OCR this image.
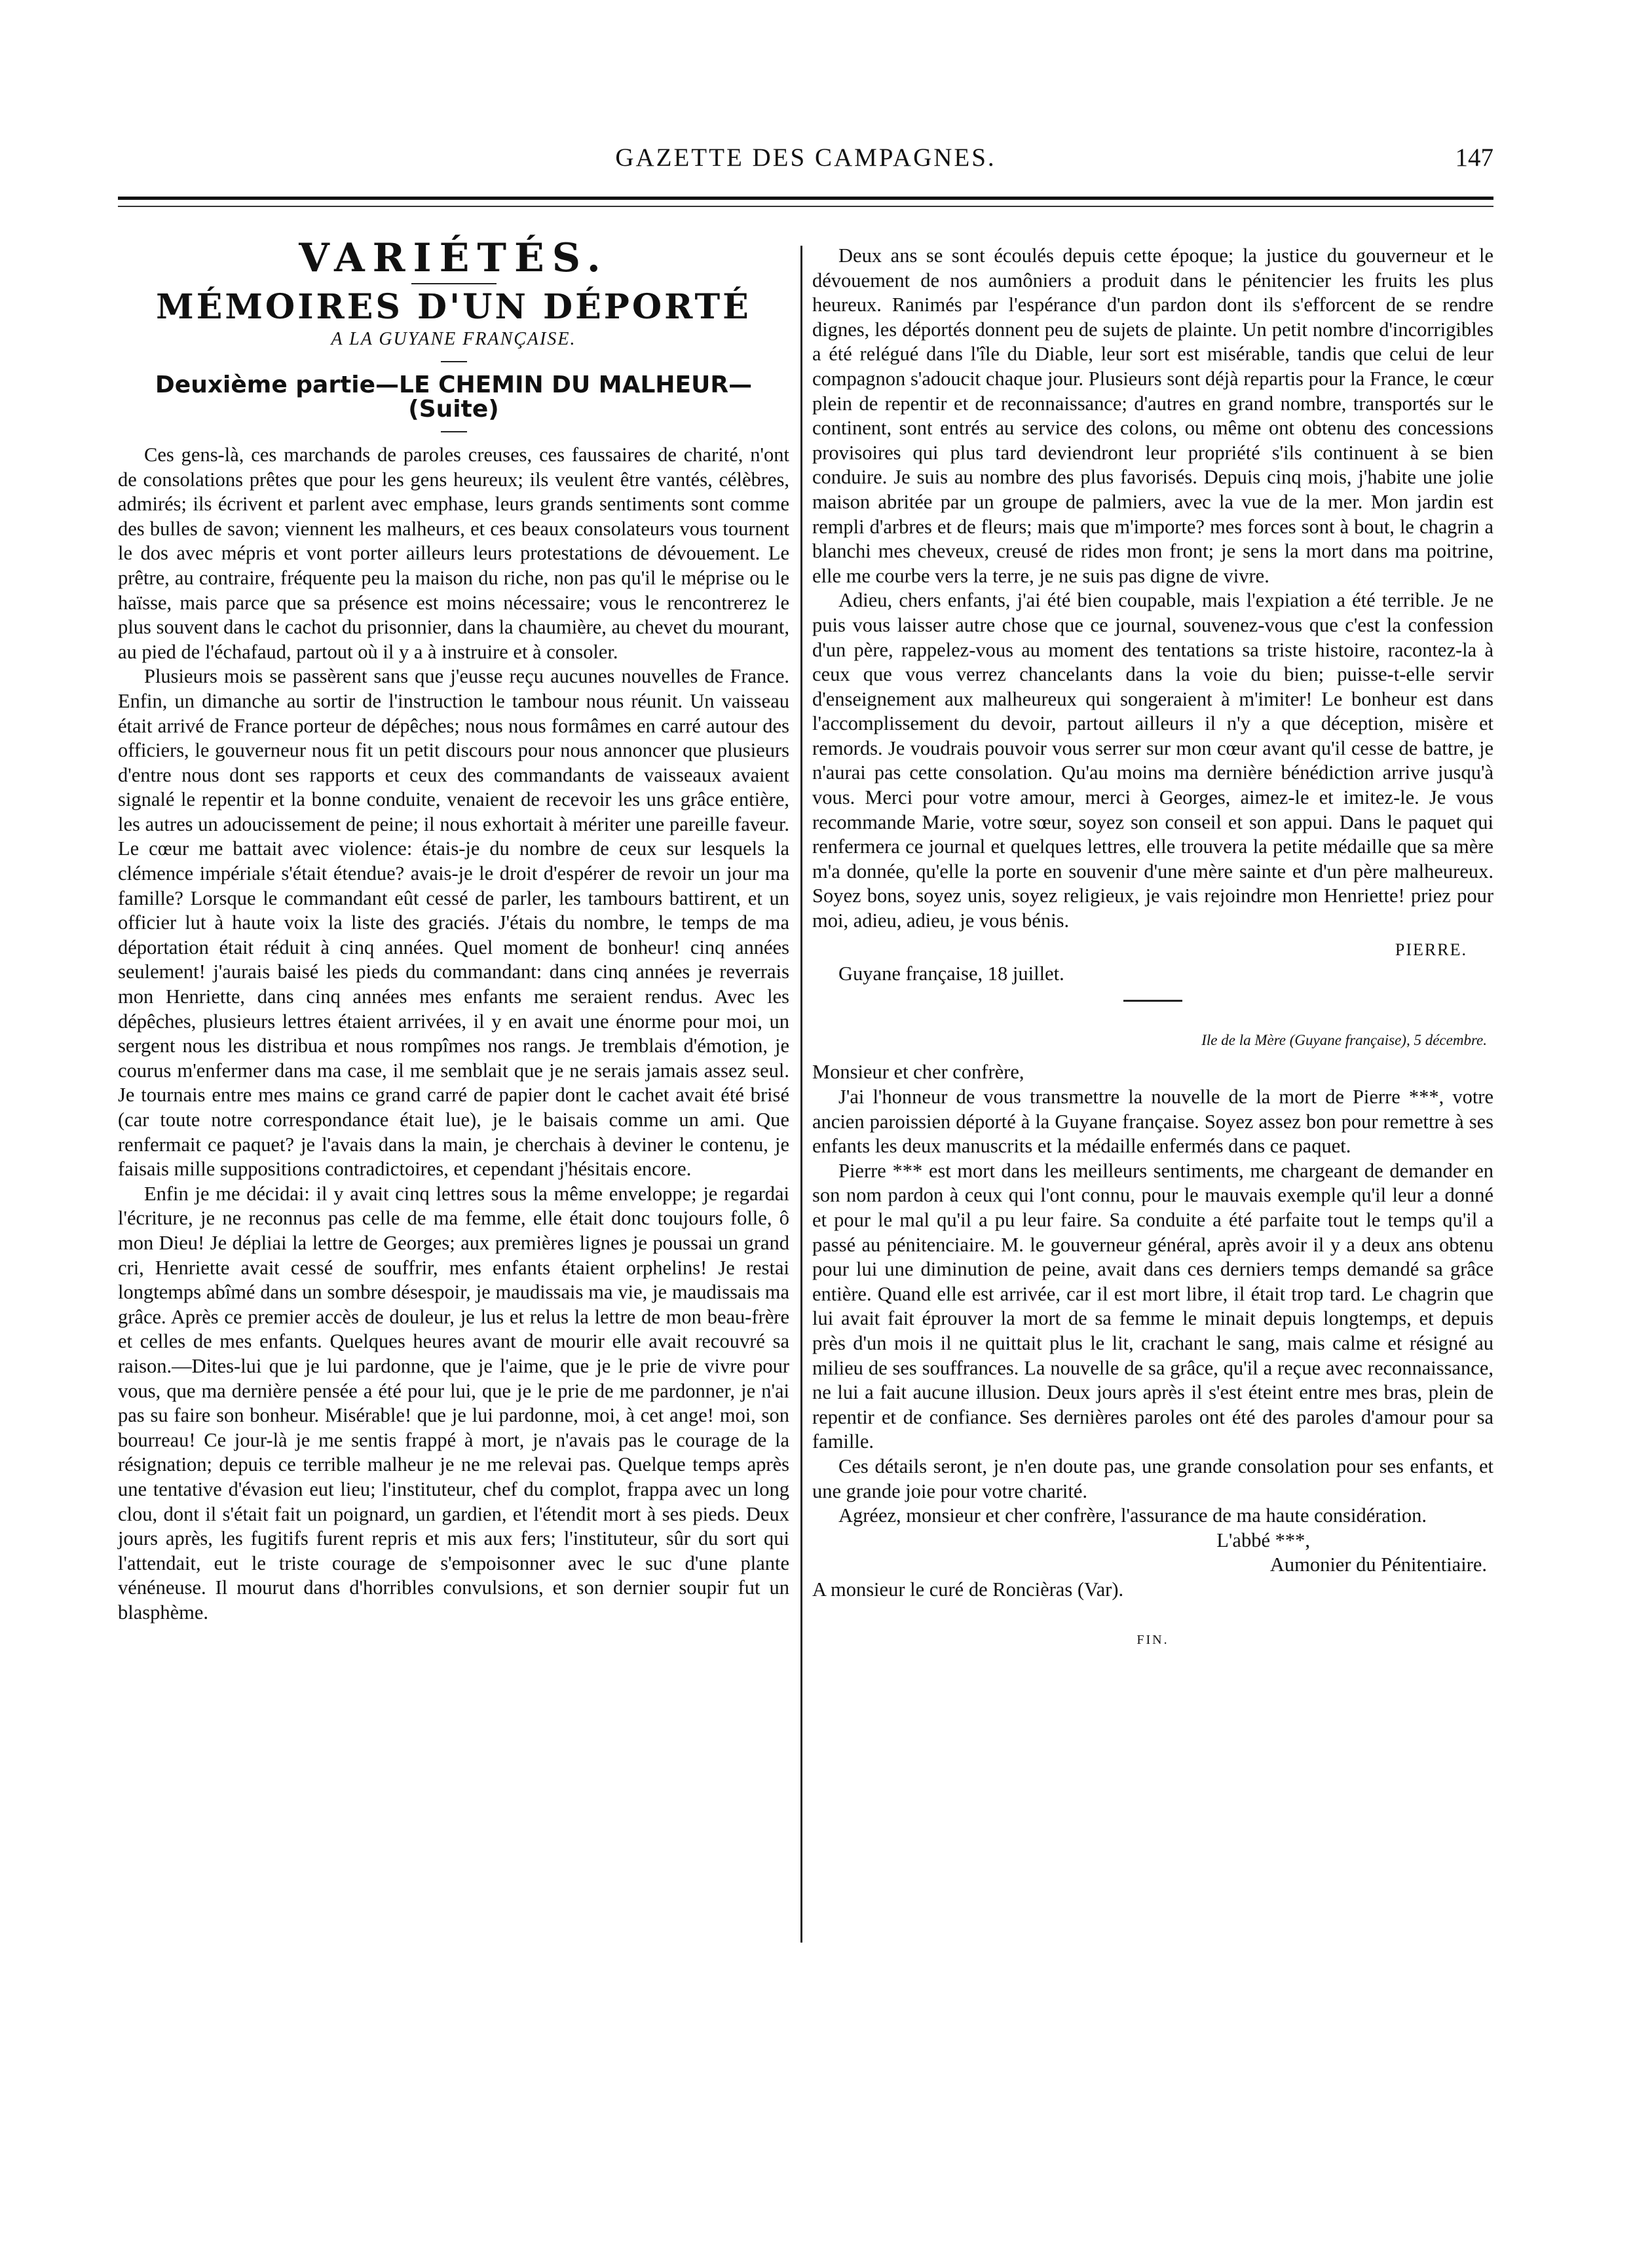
GAZETTE DES CAMPAGNES.	147
VARIÉTÉS.
MÉMOIRES D'UN DÉPORTÉ
A LA GUYANE FRANÇAISE.
Deuxième partie—LE CHEMIN DU MALHEUR—(Suite)

Ces gens-là, ces marchands de paroles creuses, ces faussaires de charité, n'ont de consolations prêtes que pour les gens heureux; ils veulent être vantés, célèbres, admirés; ils écrivent et parlent avec emphase, leurs grands sentiments sont comme des bulles de savon; viennent les malheurs, et ces beaux consolateurs vous tournent le dos avec mépris et vont porter ailleurs leurs protestations de dévouement. Le prêtre, au contraire, fréquente peu la maison du riche, non pas qu'il le méprise ou le haïsse, mais parce que sa présence est moins nécessaire; vous le rencontrerez le plus souvent dans le cachot du prisonnier, dans la chaumière, au chevet du mourant, au pied de l'échafaud, partout où il y a à instruire et à consoler.

Plusieurs mois se passèrent sans que j'eusse reçu aucunes nouvelles de France. Enfin, un dimanche au sortir de l'instruction le tambour nous réunit. Un vaisseau était arrivé de France porteur de dépêches; nous nous formâmes en carré autour des officiers, le gouverneur nous fit un petit discours pour nous annoncer que plusieurs d'entre nous dont ses rapports et ceux des commandants de vaisseaux avaient signalé le repentir et la bonne conduite, venaient de recevoir les uns grâce entière, les autres un adoucissement de peine; il nous exhortait à mériter une pareille faveur. Le cœur me battait avec violence: étais-je du nombre de ceux sur lesquels la clémence impériale s'était étendue? avais-je le droit d'espérer de revoir un jour ma famille? Lorsque le commandant eût cessé de parler, les tambours battirent, et un officier lut à haute voix la liste des graciés. J'étais du nombre, le temps de ma déportation était réduit à cinq années. Quel moment de bonheur! cinq années seulement! j'aurais baisé les pieds du commandant: dans cinq années je reverrais mon Henriette, dans cinq années mes enfants me seraient rendus. Avec les dépêches, plusieurs lettres étaient arrivées, il y en avait une énorme pour moi, un sergent nous les distribua et nous rompîmes nos rangs. Je tremblais d'émotion, je courus m'enfermer dans ma case, il me semblait que je ne serais jamais assez seul. Je tournais entre mes mains ce grand carré de papier dont le cachet avait été brisé (car toute notre correspondance était lue), je le baisais comme un ami. Que renfermait ce paquet? je l'avais dans la main, je cherchais à deviner le contenu, je faisais mille suppositions contradictoires, et cependant j'hésitais encore.

Enfin je me décidai: il y avait cinq lettres sous la même enveloppe; je regardai l'écriture, je ne reconnus pas celle de ma femme, elle était donc toujours folle, ô mon Dieu! Je dépliai la lettre de Georges; aux premières lignes je poussai un grand cri, Henriette avait cessé de souffrir, mes enfants étaient orphelins! Je restai longtemps abîmé dans un sombre désespoir, je maudissais ma vie, je maudissais ma grâce. Après ce premier accès de douleur, je lus et relus la lettre de mon beau-frère et celles de mes enfants. Quelques heures avant de mourir elle avait recouvré sa raison.—Dites-lui que je lui pardonne, que je l'aime, que je le prie de vivre pour vous, que ma dernière pensée a été pour lui, que je le prie de me pardonner, je n'ai pas su faire son bonheur. Misérable! que je lui pardonne, moi, à cet ange! moi, son bourreau! Ce jour-là je me sentis frappé à mort, je n'avais pas le courage de la résignation; depuis ce terrible malheur je ne me relevai pas. Quelque temps après une tentative d'évasion eut lieu; l'instituteur, chef du complot, frappa avec un long clou, dont il s'était fait un poignard, un gardien, et l'étendit mort à ses pieds. Deux jours après, les fugitifs furent repris et mis aux fers; l'instituteur, sûr du sort qui l'attendait, eut le triste courage de s'empoisonner avec le suc d'une plante vénéneuse. Il mourut dans d'horribles convulsions, et son dernier soupir fut un blasphème.

Deux ans se sont écoulés depuis cette époque; la justice du gouverneur et le dévouement de nos aumôniers a produit dans le pénitencier les fruits les plus heureux. Ranimés par l'espérance d'un pardon dont ils s'efforcent de se rendre dignes, les déportés donnent peu de sujets de plainte. Un petit nombre d'incorrigibles a été relégué dans l'île du Diable, leur sort est misérable, tandis que celui de leur compagnon s'adoucit chaque jour. Plusieurs sont déjà repartis pour la France, le cœur plein de repentir et de reconnaissance; d'autres en grand nombre, transportés sur le continent, sont entrés au service des colons, ou même ont obtenu des concessions provisoires qui plus tard deviendront leur propriété s'ils continuent à se bien conduire. Je suis au nombre des plus favorisés. Depuis cinq mois, j'habite une jolie maison abritée par un groupe de palmiers, avec la vue de la mer. Mon jardin est rempli d'arbres et de fleurs; mais que m'importe? mes forces sont à bout, le chagrin a blanchi mes cheveux, creusé de rides mon front; je sens la mort dans ma poitrine, elle me courbe vers la terre, je ne suis pas digne de vivre.

Adieu, chers enfants, j'ai été bien coupable, mais l'expiation a été terrible. Je ne puis vous laisser autre chose que ce journal, souvenez-vous que c'est la confession d'un père, rappelez-vous au moment des tentations sa triste histoire, racontez-la à ceux que vous verrez chancelants dans la voie du bien; puisse-t-elle servir d'enseignement aux malheureux qui songeraient à m'imiter! Le bonheur est dans l'accomplissement du devoir, partout ailleurs il n'y a que déception, misère et remords. Je voudrais pouvoir vous serrer sur mon cœur avant qu'il cesse de battre, je n'aurai pas cette consolation. Qu'au moins ma dernière bénédiction arrive jusqu'à vous. Merci pour votre amour, merci à Georges, aimez-le et imitez-le. Je vous recommande Marie, votre sœur, soyez son conseil et son appui. Dans le paquet qui renfermera ce journal et quelques lettres, elle trouvera la petite médaille que sa mère m'a donnée, qu'elle la porte en souvenir d'une mère sainte et d'un père malheureux. Soyez bons, soyez unis, soyez religieux, je vais rejoindre mon Henriette! priez pour moi, adieu, adieu, je vous bénis.

PIERRE.

Guyane française, 18 juillet.

Ile de la Mère (Guyane française), 5 décembre.

Monsieur et cher confrère,

J'ai l'honneur de vous transmettre la nouvelle de la mort de Pierre ***, votre ancien paroissien déporté à la Guyane française. Soyez assez bon pour remettre à ses enfants les deux manuscrits et la médaille enfermés dans ce paquet.

Pierre *** est mort dans les meilleurs sentiments, me chargeant de demander en son nom pardon à ceux qui l'ont connu, pour le mauvais exemple qu'il leur a donné et pour le mal qu'il a pu leur faire. Sa conduite a été parfaite tout le temps qu'il a passé au pénitenciaire. M. le gouverneur général, après avoir il y a deux ans obtenu pour lui une diminution de peine, avait dans ces derniers temps demandé sa grâce entière. Quand elle est arrivée, car il est mort libre, il était trop tard. Le chagrin que lui avait fait éprouver la mort de sa femme le minait depuis longtemps, et depuis près d'un mois il ne quittait plus le lit, crachant le sang, mais calme et résigné au milieu de ses souffrances. La nouvelle de sa grâce, qu'il a reçue avec reconnaissance, ne lui a fait aucune illusion. Deux jours après il s'est éteint entre mes bras, plein de repentir et de confiance. Ses dernières paroles ont été des paroles d'amour pour sa famille.

Ces détails seront, je n'en doute pas, une grande consolation pour ses enfants, et une grande joie pour votre charité.

Agréez, monsieur et cher confrère, l'assurance de ma haute considération.

L'abbé ***,
Aumonier du Pénitentiaire.

A monsieur le curé de Roncièras (Var).

FIN.
